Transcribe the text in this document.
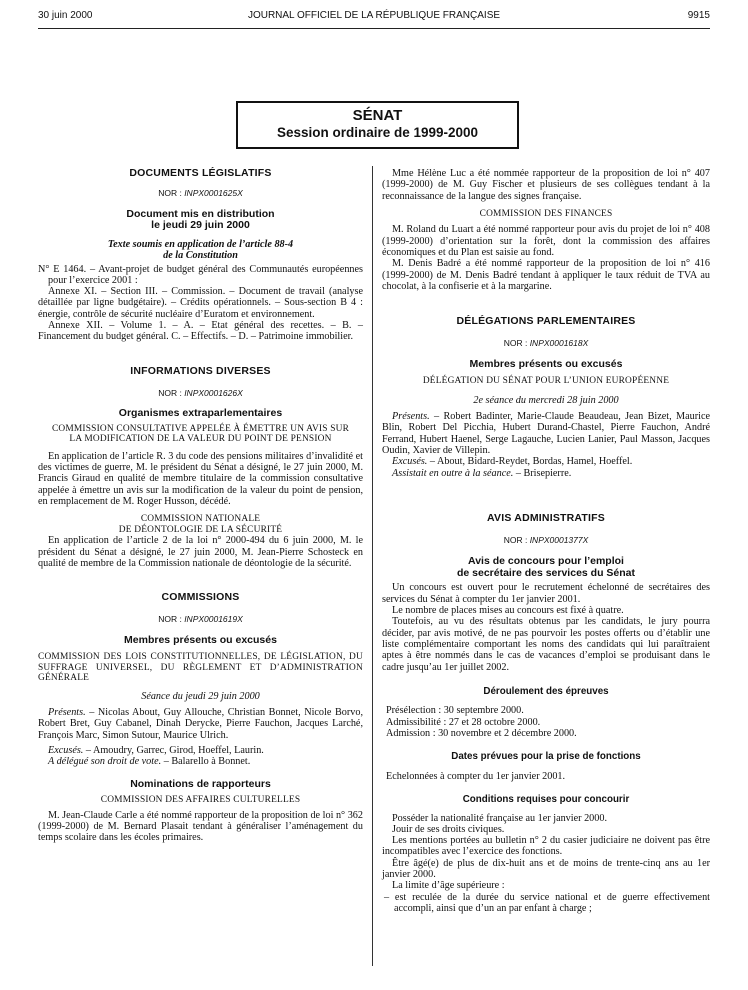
30 juin 2000	JOURNAL OFFICIEL DE LA RÉPUBLIQUE FRANÇAISE	9915
SÉNAT
Session ordinaire de 1999-2000
DOCUMENTS LÉGISLATIFS
NOR : INPX0001625X
Document mis en distribution
le jeudi 29 juin 2000
Texte soumis en application de l’article 88-4
de la Constitution

N° E 1464. – Avant-projet de budget général des Communautés européennes pour l’exercice 2001 :

Annexe XI. – Section III. – Commission. – Document de travail (analyse détaillée par ligne budgétaire). – Crédits opérationnels. – Sous-section B 4 : énergie, contrôle de sécurité nucléaire d’Euratom et environnement.

Annexe XII. – Volume 1. – A. – Etat général des recettes. – B. – Financement du budget général. C. – Effectifs. – D. – Patrimoine immobilier.

INFORMATIONS DIVERSES
NOR : INPX0001626X
Organismes extraparlementaires
COMMISSION CONSULTATIVE APPELÉE À ÉMETTRE UN AVIS SUR LA MODIFICATION DE LA VALEUR DU POINT DE PENSION

En application de l’article R. 3 du code des pensions militaires d’invalidité et des victimes de guerre, M. le président du Sénat a désigné, le 27 juin 2000, M. Francis Giraud en qualité de membre titulaire de la commission consultative appelée à émettre un avis sur la modification de la valeur du point de pension, en remplacement de M. Roger Husson, décédé.

COMMISSION NATIONALE
DE DÉONTOLOGIE DE LA SÉCURITÉ

En application de l’article 2 de la loi n° 2000-494 du 6 juin 2000, M. le président du Sénat a désigné, le 27 juin 2000, M. Jean-Pierre Schosteck en qualité de membre de la Commission nationale de déontologie de la sécurité.

COMMISSIONS
NOR : INPX0001619X
Membres présents ou excusés
COMMISSION DES LOIS CONSTITUTIONNELLES, DE LÉGISLATION, DU SUFFRAGE UNIVERSEL, DU RÈGLEMENT ET D’ADMINISTRATION GÉNÉRALE
Séance du jeudi 29 juin 2000

Présents. – Nicolas About, Guy Allouche, Christian Bonnet, Nicole Borvo, Robert Bret, Guy Cabanel, Dinah Derycke, Pierre Fauchon, Jacques Larché, François Marc, Simon Sutour, Maurice Ulrich.

Excusés. – Amoudry, Garrec, Girod, Hoeffel, Laurin.

A délégué son droit de vote. – Balarello à Bonnet.

Nominations de rapporteurs
COMMISSION DES AFFAIRES CULTURELLES

M. Jean-Claude Carle a été nommé rapporteur de la proposition de loi n° 362 (1999-2000) de M. Bernard Plasait tendant à généraliser l’aménagement du temps scolaire dans les écoles primaires.

Mme Hélène Luc a été nommée rapporteur de la proposition de loi n° 407 (1999-2000) de M. Guy Fischer et plusieurs de ses collègues tendant à la reconnaissance de la langue des signes française.

COMMISSION DES FINANCES

M. Roland du Luart a été nommé rapporteur pour avis du projet de loi n° 408 (1999-2000) d’orientation sur la forêt, dont la commission des affaires économiques et du Plan est saisie au fond.

M. Denis Badré a été nommé rapporteur de la proposition de loi n° 416 (1999-2000) de M. Denis Badré tendant à appliquer le taux réduit de TVA au chocolat, à la confiserie et à la margarine.

DÉLÉGATIONS PARLEMENTAIRES
NOR : INPX0001618X
Membres présents ou excusés
DÉLÉGATION DU SÉNAT POUR L’UNION EUROPÉENNE
2e séance du mercredi 28 juin 2000

Présents. – Robert Badinter, Marie-Claude Beaudeau, Jean Bizet, Maurice Blin, Robert Del Picchia, Hubert Durand-Chastel, Pierre Fauchon, André Ferrand, Hubert Haenel, Serge Lagauche, Lucien Lanier, Paul Masson, Jacques Oudin, Xavier de Villepin.

Excusés. – About, Bidard-Reydet, Bordas, Hamel, Hoeffel.

Assistait en outre à la séance. – Brisepierre.

AVIS ADMINISTRATIFS
NOR : INPX0001377X
Avis de concours pour l’emploi
de secrétaire des services du Sénat

Un concours est ouvert pour le recrutement échelonné de secrétaires des services du Sénat à compter du 1er janvier 2001.

Le nombre de places mises au concours est fixé à quatre.

Toutefois, au vu des résultats obtenus par les candidats, le jury pourra décider, par avis motivé, de ne pas pourvoir les postes offerts ou d’établir une liste complémentaire comportant les noms des candidats qui lui paraîtraient aptes à être nommés dans le cas de vacances d’emploi se produisant dans le cadre jusqu’au 1er juillet 2002.

Déroulement des épreuves

Présélection : 30 septembre 2000.

Admissibilité : 27 et 28 octobre 2000.

Admission : 30 novembre et 2 décembre 2000.

Dates prévues pour la prise de fonctions

Echelonnées à compter du 1er janvier 2001.

Conditions requises pour concourir

Posséder la nationalité française au 1er janvier 2000.

Jouir de ses droits civiques.

Les mentions portées au bulletin n° 2 du casier judiciaire ne doivent pas être incompatibles avec l’exercice des fonctions.

Être âgé(e) de plus de dix-huit ans et de moins de trente-cinq ans au 1er janvier 2000.

La limite d’âge supérieure :

– est reculée de la durée du service national et de guerre effectivement accompli, ainsi que d’un an par enfant à charge ;
